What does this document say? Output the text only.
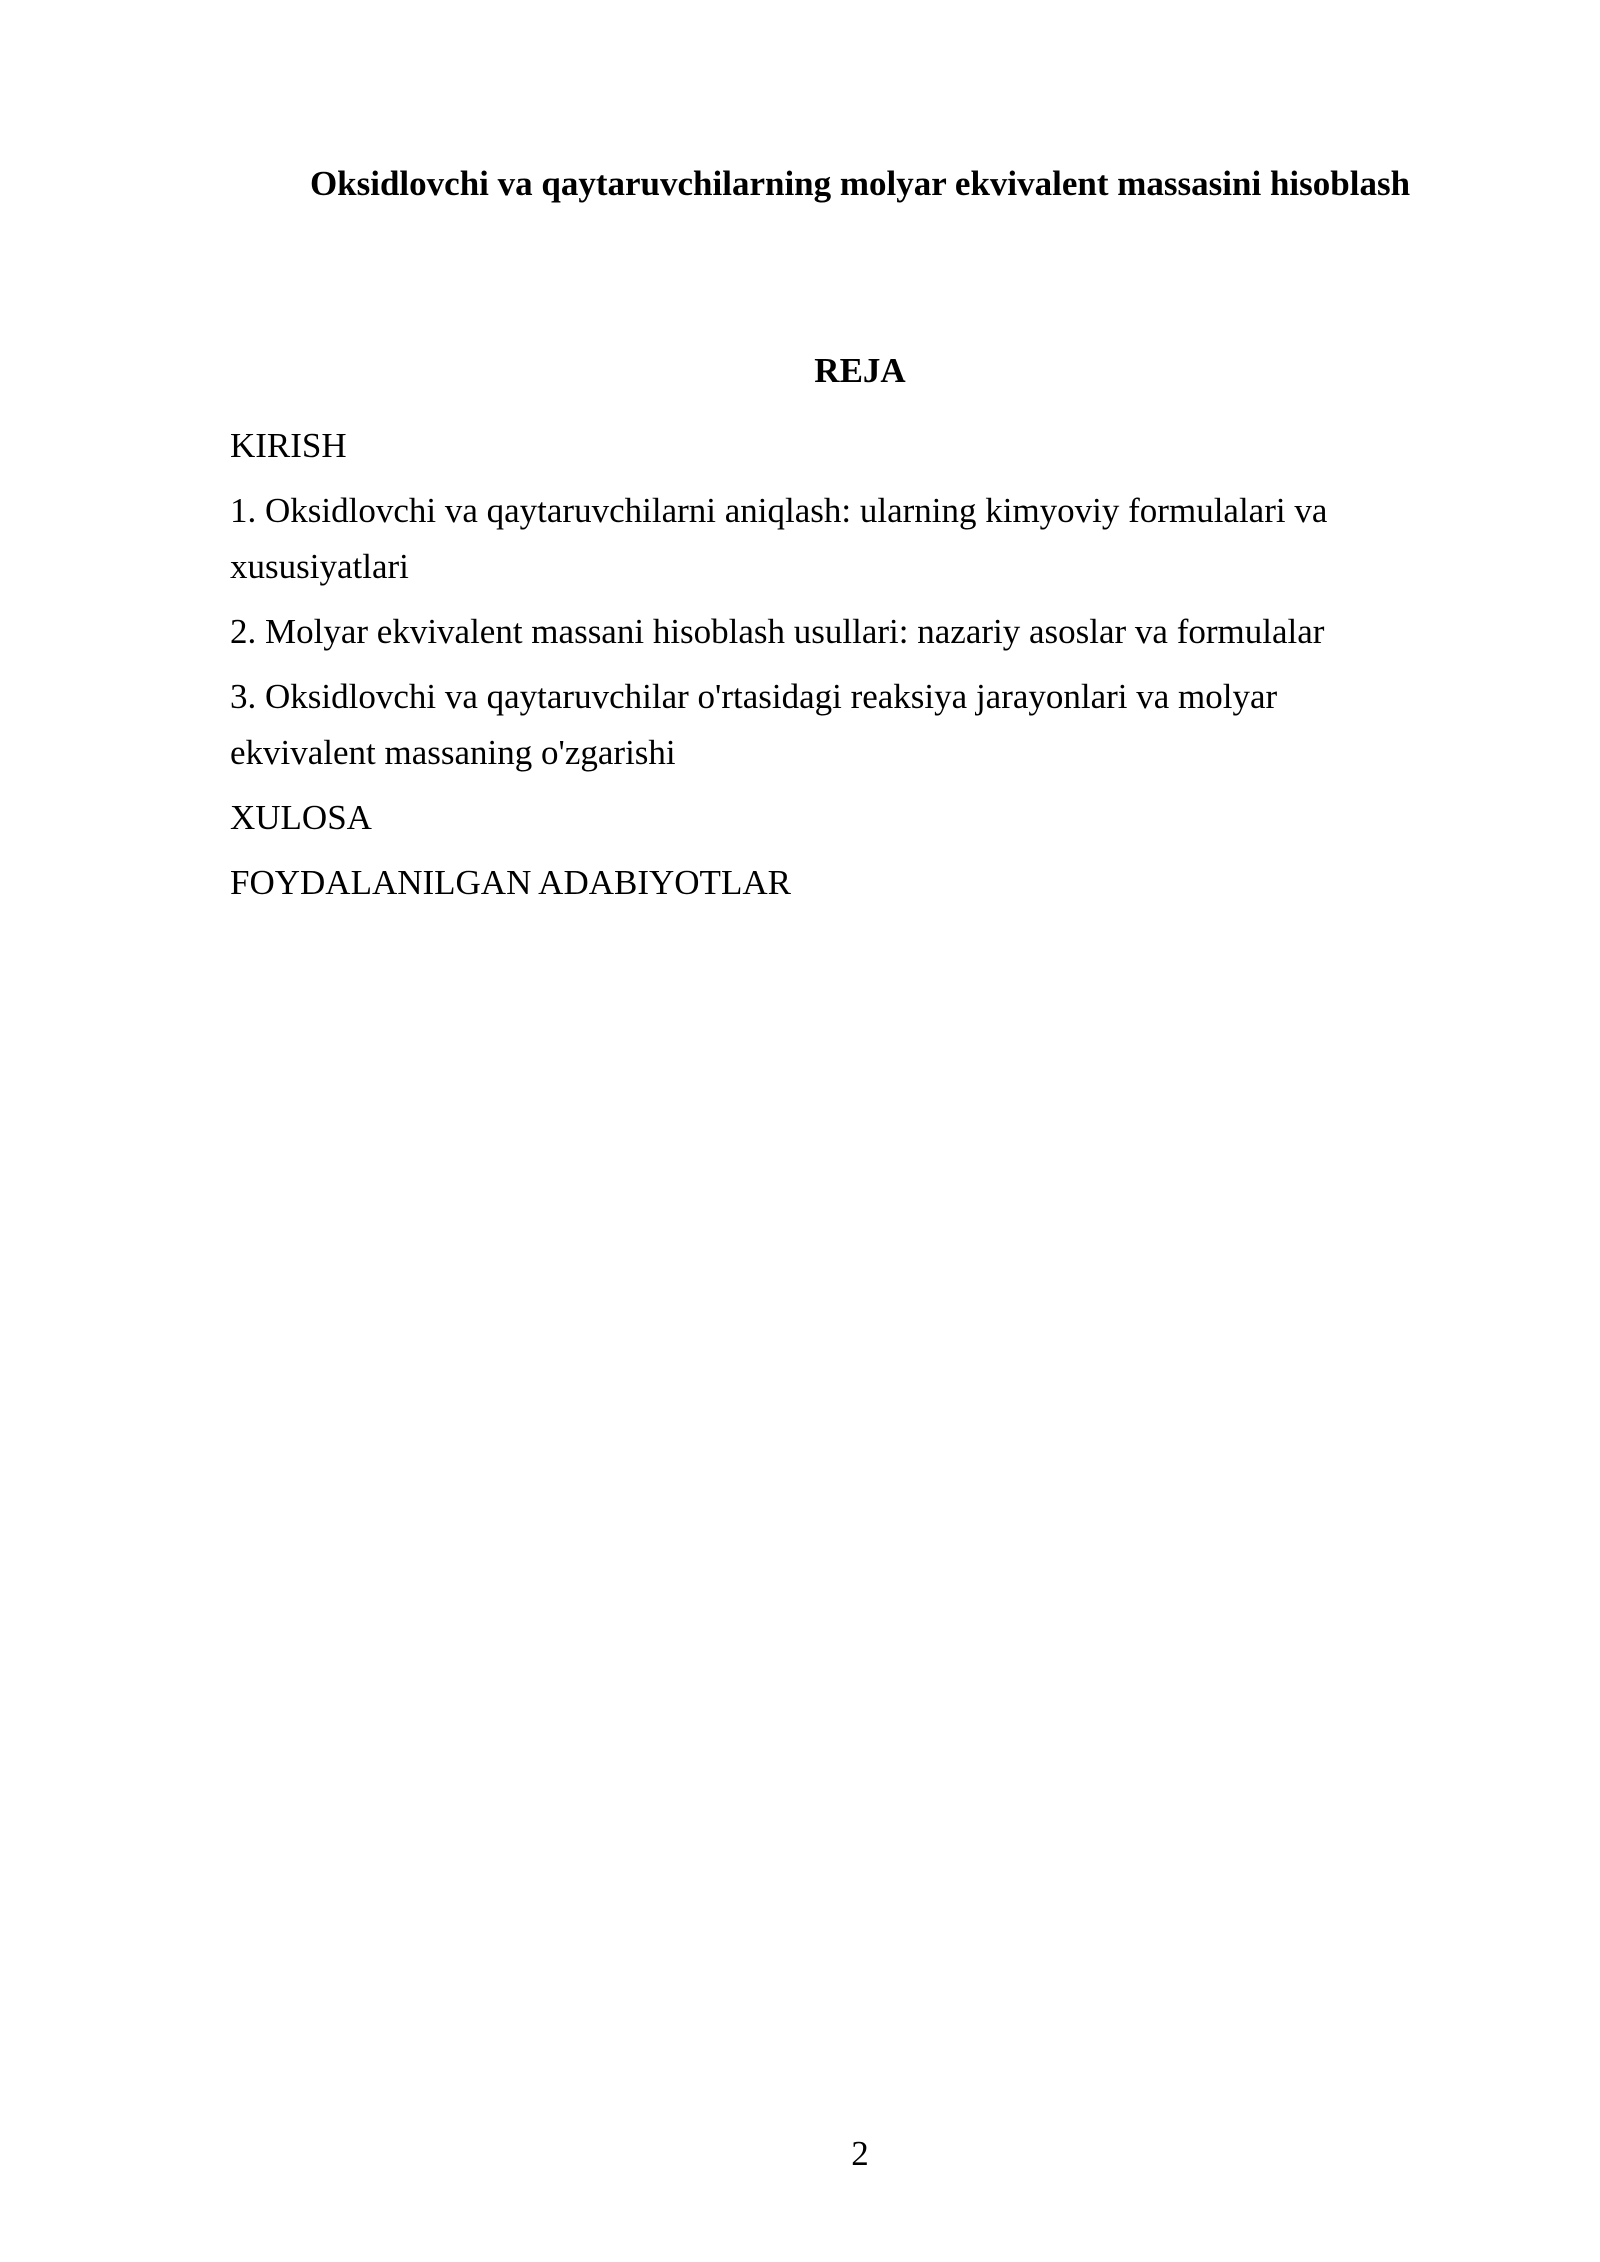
Oksidlovchi va qaytaruvchilarning molyar ekvivalent massasini hisoblash
REJA
KIRISH
1. Oksidlovchi va qaytaruvchilarni aniqlash: ularning kimyoviy formulalari va xususiyatlari
2. Molyar ekvivalent massani hisoblash usullari: nazariy asoslar va formulalar
3. Oksidlovchi va qaytaruvchilar o'rtasidagi reaksiya jarayonlari va molyar ekvivalent massaning o'zgarishi
XULOSA
FOYDALANILGAN ADABIYOTLAR
2
